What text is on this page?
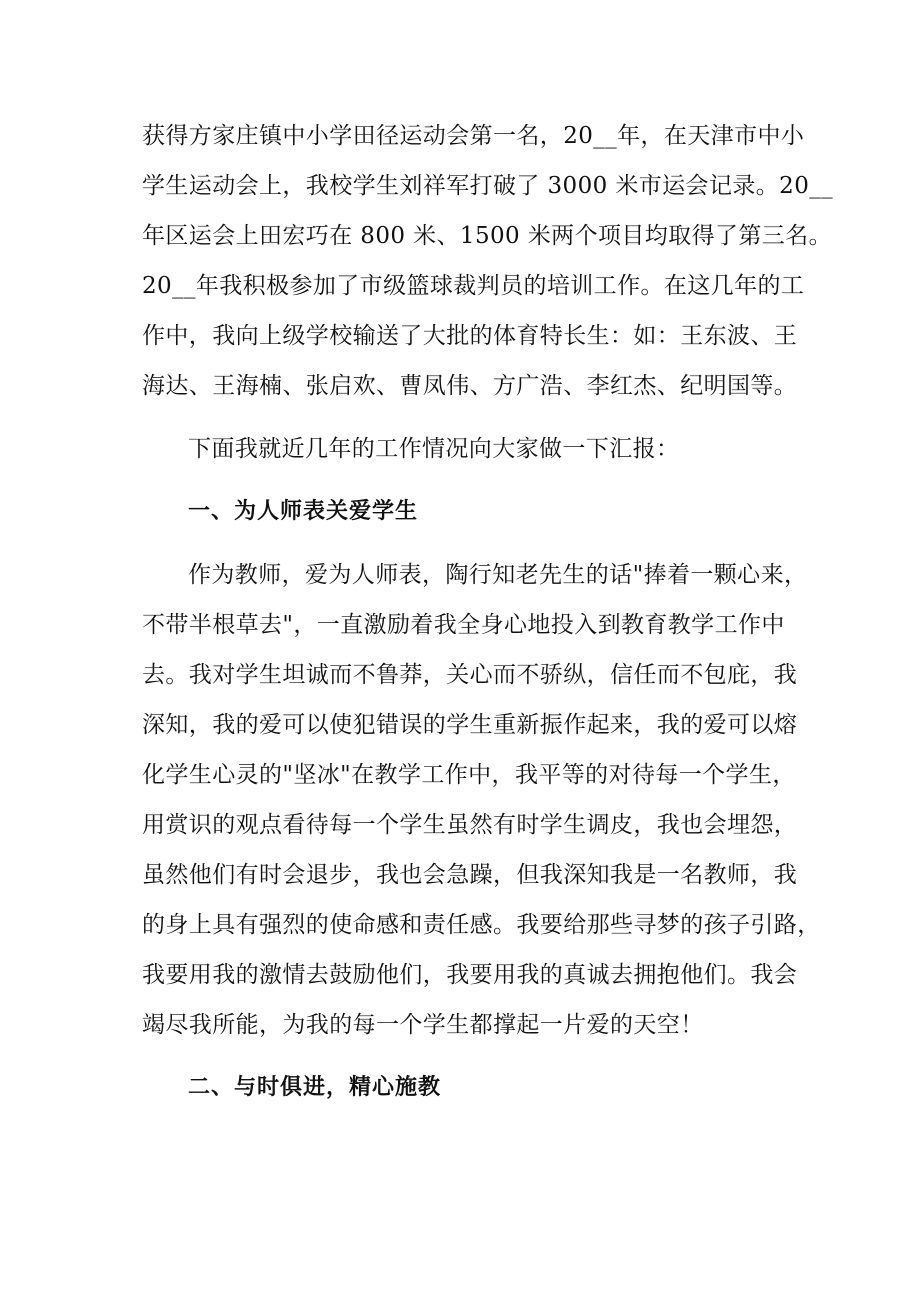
获得方家庄镇中小学田径运动会第一名，20__年，在天津市中小
学生运动会上，我校学生刘祥军打破了 3000 米市运会记录。20__
年区运会上田宏巧在 800 米、1500 米两个项目均取得了第三名。
20__年我积极参加了市级篮球裁判员的培训工作。在这几年的工
作中，我向上级学校输送了大批的体育特长生：如：王东波、王
海达、王海楠、张启欢、曹凤伟、方广浩、李红杰、纪明国等。
下面我就近几年的工作情况向大家做一下汇报：
一、为人师表关爱学生
作为教师，爱为人师表，陶行知老先生的话"捧着一颗心来，
不带半根草去"，一直激励着我全身心地投入到教育教学工作中
去。我对学生坦诚而不鲁莽，关心而不骄纵，信任而不包庇，我
深知，我的爱可以使犯错误的学生重新振作起来，我的爱可以熔
化学生心灵的"坚冰"在教学工作中，我平等的对待每一个学生，
用赏识的观点看待每一个学生虽然有时学生调皮，我也会埋怨，
虽然他们有时会退步，我也会急躁，但我深知我是一名教师，我
的身上具有强烈的使命感和责任感。我要给那些寻梦的孩子引路，
我要用我的激情去鼓励他们，我要用我的真诚去拥抱他们。我会
竭尽我所能，为我的每一个学生都撑起一片爱的天空！
二、与时俱进，精心施教
